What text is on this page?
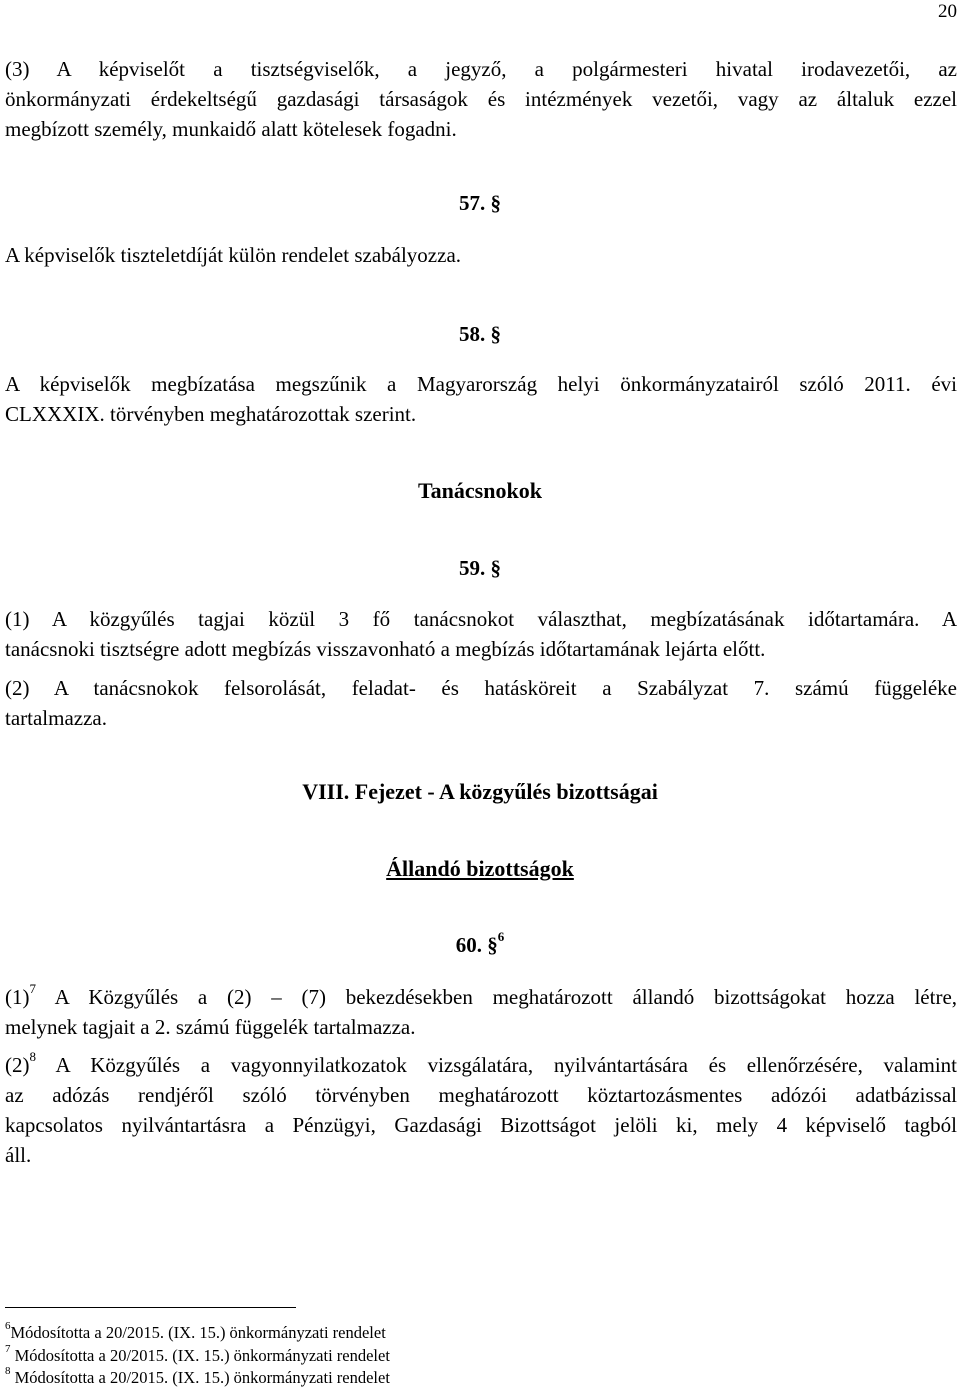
20
(3) A képviselőt a tisztségviselők, a jegyző, a polgármesteri hivatal irodavezetői, az
önkormányzati érdekeltségű gazdasági társaságok és intézmények vezetői, vagy az általuk ezzel
megbízott személy, munkaidő alatt kötelesek fogadni.
57. §
A képviselők tiszteletdíját külön rendelet szabályozza.
58. §
A képviselők megbízatása megszűnik a Magyarország helyi önkormányzatairól szóló 2011. évi
CLXXXIX. törvényben meghatározottak szerint.
Tanácsnokok
59. §
(1) A közgyűlés tagjai közül 3 fő tanácsnokot választhat, megbízatásának időtartamára. A
tanácsnoki tisztségre adott megbízás visszavonható a megbízás időtartamának lejárta előtt.
(2) A tanácsnokok felsorolását, feladat- és hatásköreit a Szabályzat 7. számú függeléke
tartalmazza.
VIII. Fejezet - A közgyűlés bizottságai
Állandó bizottságok
60. §$^6$
$(1)^7$ A Közgyűlés a (2) – (7) bekezdésekben meghatározott állandó bizottságokat hozza létre,
melynek tagjait a 2. számú függelék tartalmazza.
$(2)^8$ A Közgyűlés a vagyonnyilatkozatok vizsgálatára, nyilvántartására és ellenőrzésére, valamint
az adózás rendjéről szóló törvényben meghatározott köztartozásmentes adózói adatbázissal
kapcsolatos nyilvántartásra a Pénzügyi, Gazdasági Bizottságot jelöli ki, mely 4 képviselő tagból
áll.
$^6$Módosította a 20/2015. (IX. 15.) önkormányzati rendelet
$^7$ Módosította a 20/2015. (IX. 15.) önkormányzati rendelet
$^8$ Módosította a 20/2015. (IX. 15.) önkormányzati rendelet
